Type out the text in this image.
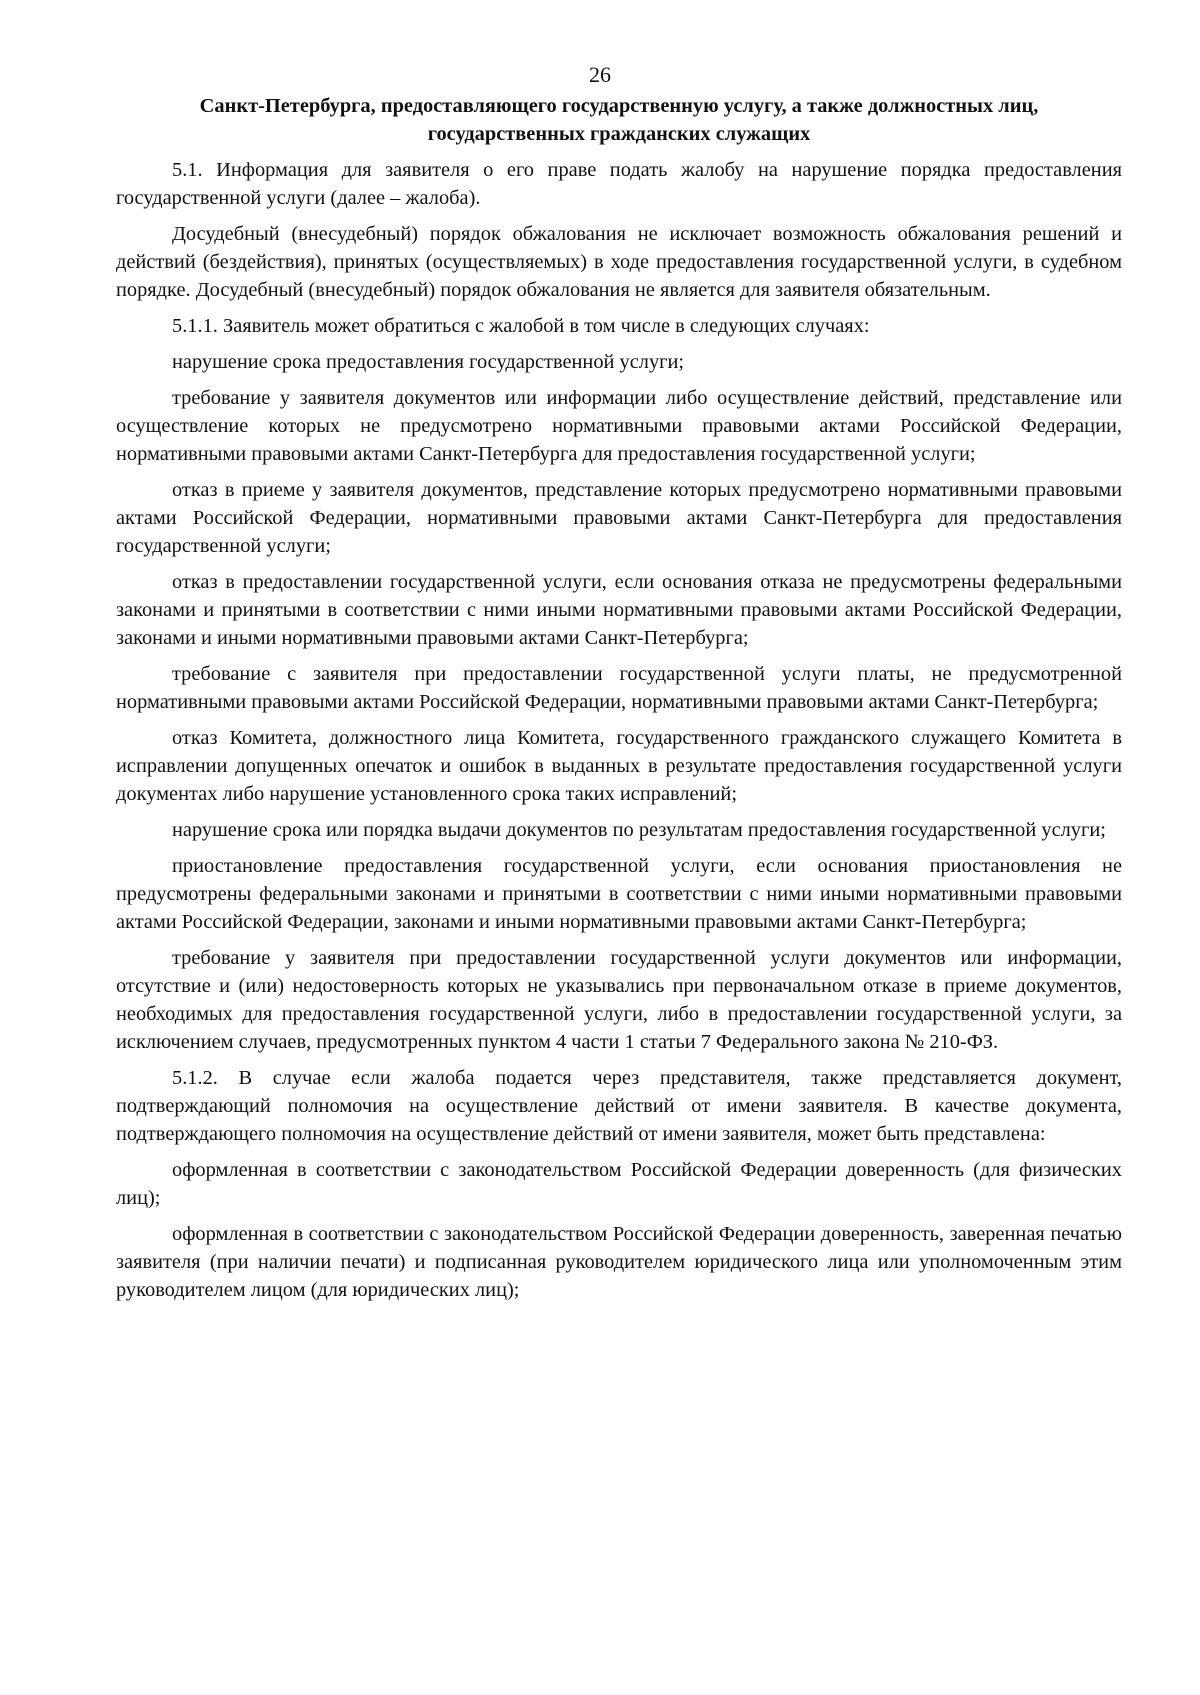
26
Санкт-Петербурга, предоставляющего государственную услугу, а также должностных лиц,
государственных гражданских служащих

5.1. Информация для заявителя о его праве подать жалобу на нарушение порядка предоставления государственной услуги (далее – жалоба).

Досудебный (внесудебный) порядок обжалования не исключает возможность обжалования решений и действий (бездействия), принятых (осуществляемых) в ходе предоставления государственной услуги, в судебном порядке. Досудебный (внесудебный) порядок обжалования не является для заявителя обязательным.

5.1.1. Заявитель может обратиться с жалобой в том числе в следующих случаях:

нарушение срока предоставления государственной услуги;

требование у заявителя документов или информации либо осуществление действий, представление или осуществление которых не предусмотрено нормативными правовыми актами Российской Федерации, нормативными правовыми актами Санкт-Петербурга для предоставления государственной услуги;

отказ в приеме у заявителя документов, представление которых предусмотрено нормативными правовыми актами Российской Федерации, нормативными правовыми актами Санкт-Петербурга для предоставления государственной услуги;

отказ в предоставлении государственной услуги, если основания отказа не предусмотрены федеральными законами и принятыми в соответствии с ними иными нормативными правовыми актами Российской Федерации, законами и иными нормативными правовыми актами Санкт-Петербурга;

требование с заявителя при предоставлении государственной услуги платы, не предусмотренной нормативными правовыми актами Российской Федерации, нормативными правовыми актами Санкт-Петербурга;

отказ Комитета, должностного лица Комитета, государственного гражданского служащего Комитета в исправлении допущенных опечаток и ошибок в выданных в результате предоставления государственной услуги документах либо нарушение установленного срока таких исправлений;

нарушение срока или порядка выдачи документов по результатам предоставления государственной услуги;

приостановление предоставления государственной услуги, если основания приостановления не предусмотрены федеральными законами и принятыми в соответствии с ними иными нормативными правовыми актами Российской Федерации, законами и иными нормативными правовыми актами Санкт-Петербурга;

требование у заявителя при предоставлении государственной услуги документов или информации, отсутствие и (или) недостоверность которых не указывались при первоначальном отказе в приеме документов, необходимых для предоставления государственной услуги, либо в предоставлении государственной услуги, за исключением случаев, предусмотренных пунктом 4 части 1 статьи 7 Федерального закона № 210-ФЗ.

5.1.2. В случае если жалоба подается через представителя, также представляется документ, подтверждающий полномочия на осуществление действий от имени заявителя. В качестве документа, подтверждающего полномочия на осуществление действий от имени заявителя, может быть представлена:

оформленная в соответствии с законодательством Российской Федерации доверенность (для физических лиц);

оформленная в соответствии с законодательством Российской Федерации доверенность, заверенная печатью заявителя (при наличии печати) и подписанная руководителем юридического лица или уполномоченным этим руководителем лицом (для юридических лиц);
